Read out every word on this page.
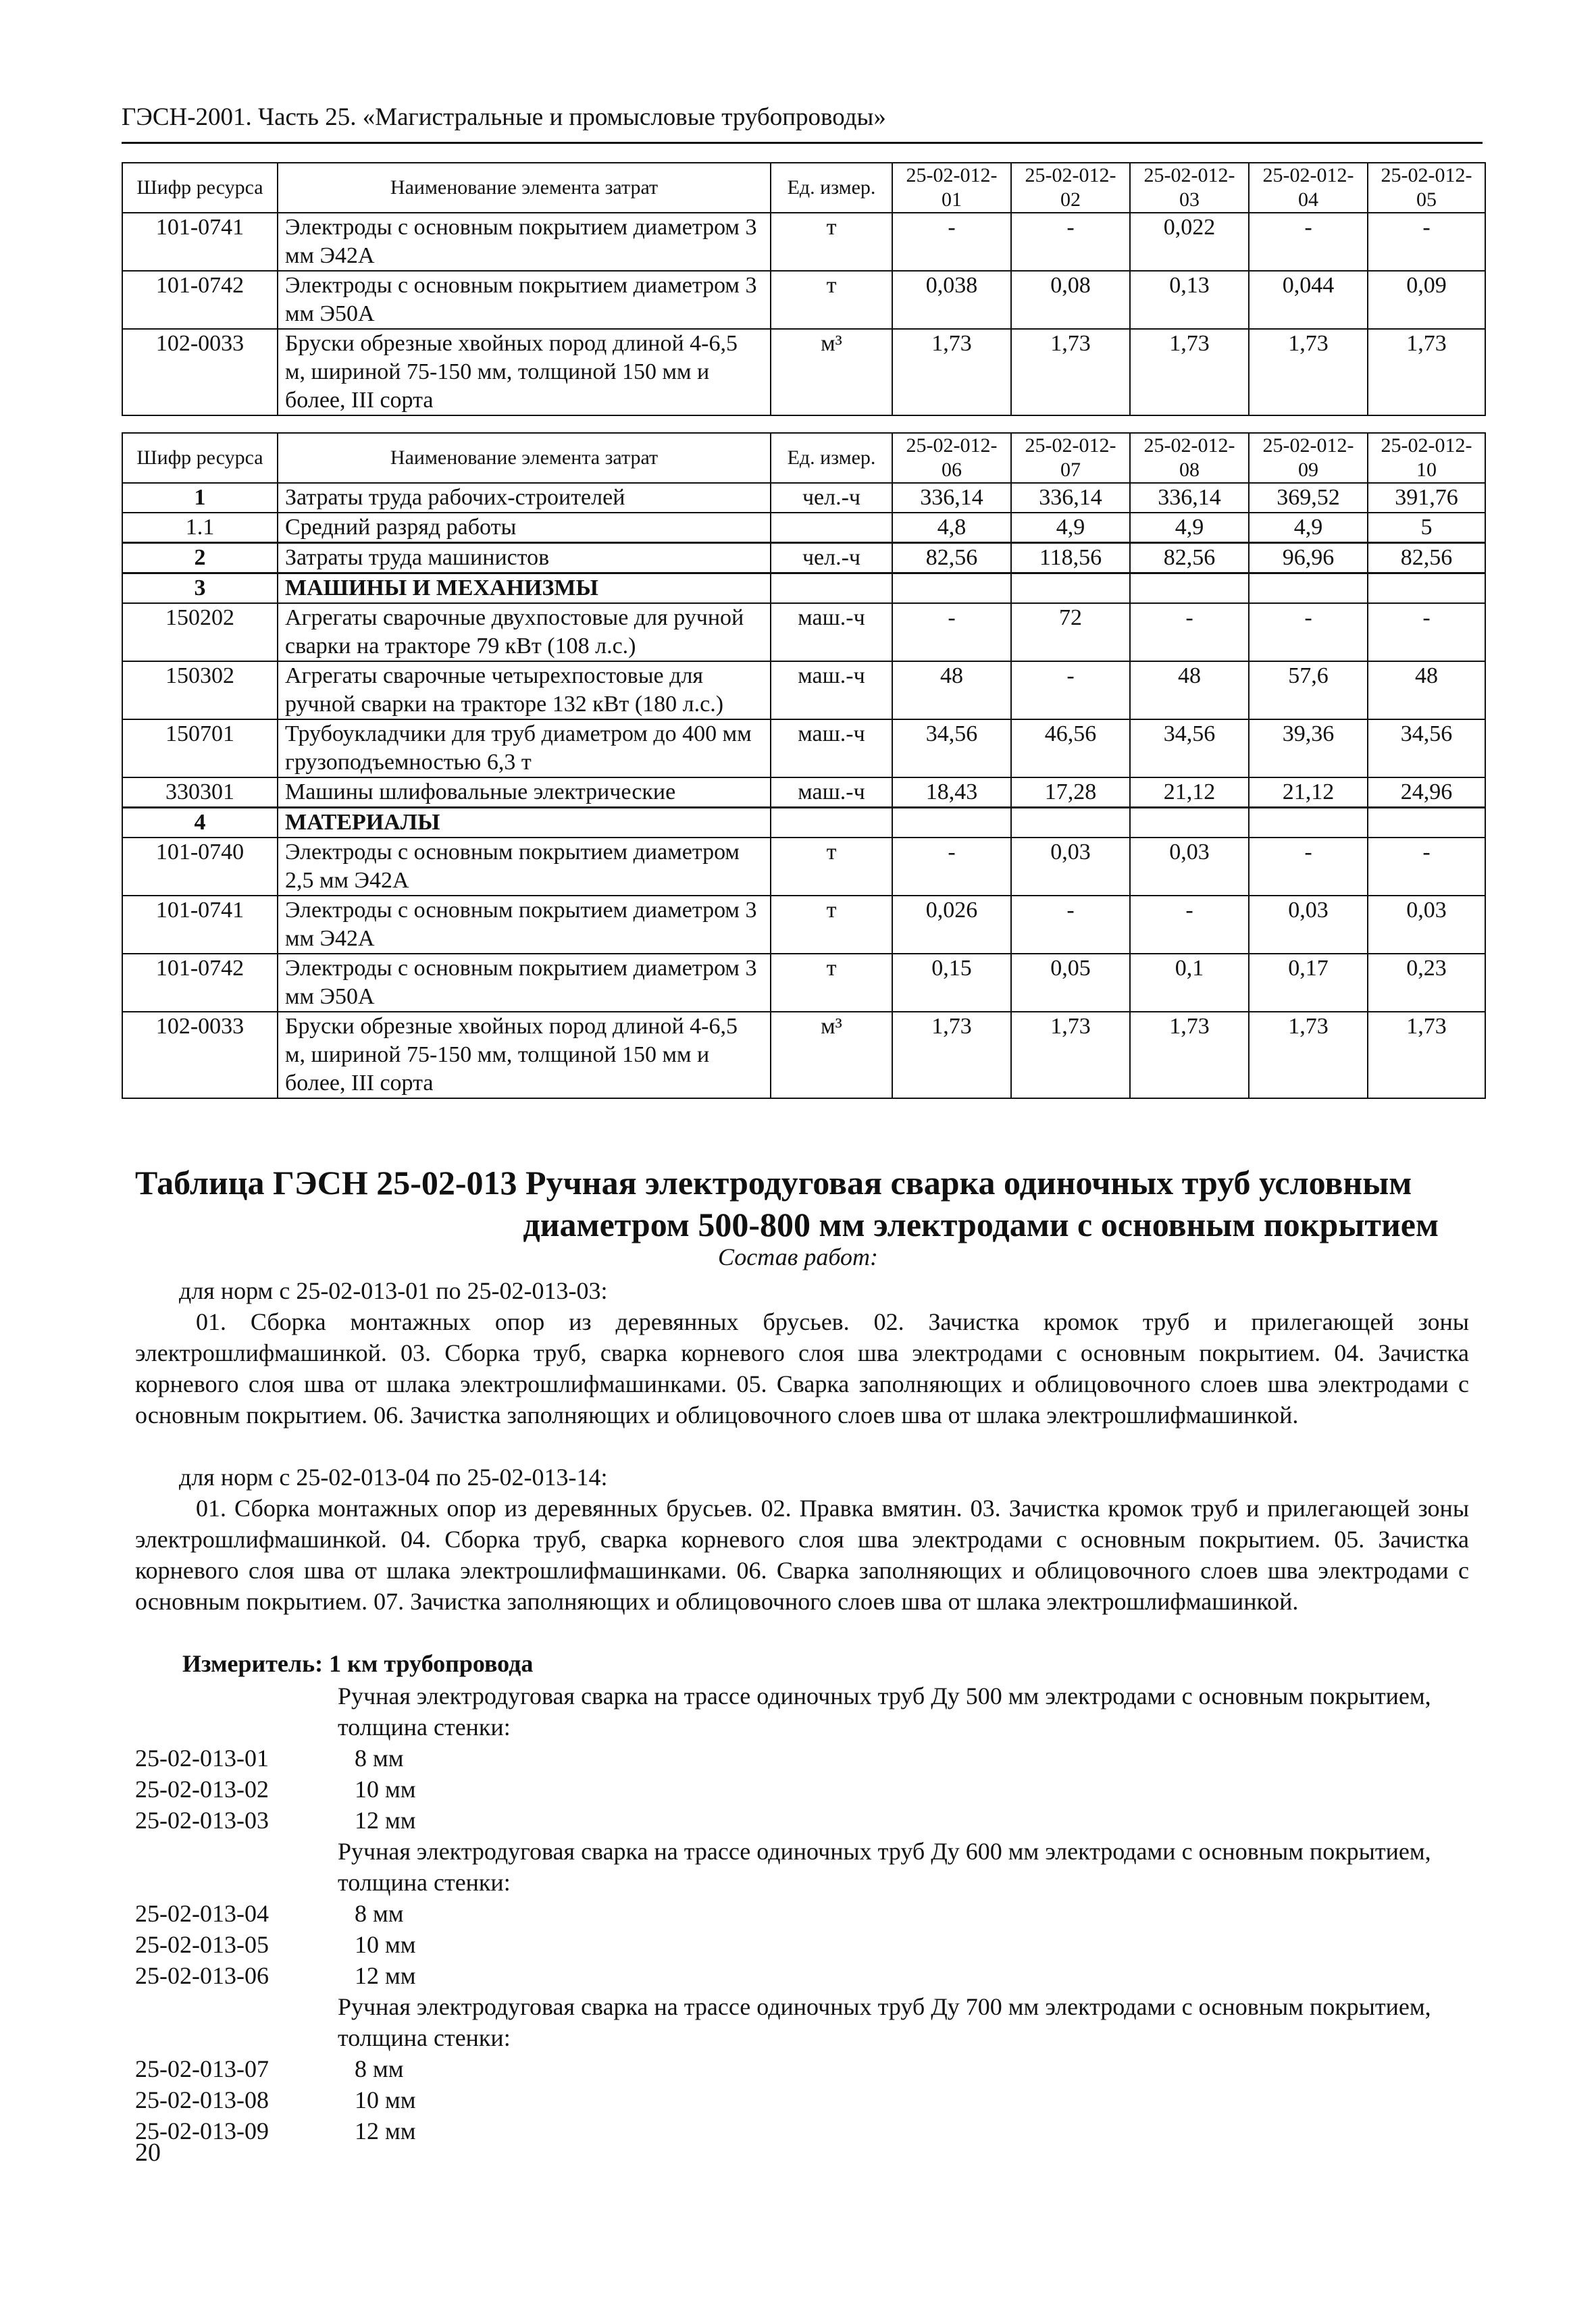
ГЭСН-2001. Часть 25. «Магистральные и промысловые трубопроводы»
Шифр ресурса	Наименование элемента затрат	Ед. измер.	25-02-012-01	25-02-012-02	25-02-012-03	25-02-012-04	25-02-012-05
101-0741	Электроды с основным покрытием диаметром 3 мм Э42А	т	-	-	0,022	-	-
101-0742	Электроды с основным покрытием диаметром 3 мм Э50А	т	0,038	0,08	0,13	0,044	0,09
102-0033	Бруски обрезные хвойных пород длиной 4-6,5 м, шириной 75-150 мм, толщиной 150 мм и более, III сорта	м³	1,73	1,73	1,73	1,73	1,73
Шифр ресурса	Наименование элемента затрат	Ед. измер.	25-02-012-06	25-02-012-07	25-02-012-08	25-02-012-09	25-02-012-10
1	Затраты труда рабочих-строителей	чел.-ч	336,14	336,14	336,14	369,52	391,76
1.1	Средний разряд работы		4,8	4,9	4,9	4,9	5
2	Затраты труда машинистов	чел.-ч	82,56	118,56	82,56	96,96	82,56
3	МАШИНЫ И МЕХАНИЗМЫ						
150202	Агрегаты сварочные двухпостовые для ручной сварки на тракторе 79 кВт (108 л.с.)	маш.-ч	-	72	-	-	-
150302	Агрегаты сварочные четырехпостовые для ручной сварки на тракторе 132 кВт (180 л.с.)	маш.-ч	48	-	48	57,6	48
150701	Трубоукладчики для труб диаметром до 400 мм грузоподъемностью 6,3 т	маш.-ч	34,56	46,56	34,56	39,36	34,56
330301	Машины шлифовальные электрические	маш.-ч	18,43	17,28	21,12	21,12	24,96
4	МАТЕРИАЛЫ						
101-0740	Электроды с основным покрытием диаметром 2,5 мм Э42А	т	-	0,03	0,03	-	-
101-0741	Электроды с основным покрытием диаметром 3 мм Э42А	т	0,026	-	-	0,03	0,03
101-0742	Электроды с основным покрытием диаметром 3 мм Э50А	т	0,15	0,05	0,1	0,17	0,23
102-0033	Бруски обрезные хвойных пород длиной 4-6,5 м, шириной 75-150 мм, толщиной 150 мм и более, III сорта	м³	1,73	1,73	1,73	1,73	1,73
Таблица ГЭСН 25-02-013 Ручная электродуговая сварка одиночных труб условным
диаметром 500-800 мм электродами с основным покрытием
Состав работ:
для норм с 25-02-013-01 по 25-02-013-03:
01. Сборка монтажных опор из деревянных брусьев. 02. Зачистка кромок труб и прилегающей зоны электрошлифмашинкой. 03. Сборка труб, сварка корневого слоя шва электродами с основным покрытием. 04. Зачистка корневого слоя шва от шлака электрошлифмашинками. 05. Сварка заполняющих и облицовочного слоев шва электродами с основным покрытием. 06. Зачистка заполняющих и облицовочного слоев шва от шлака электрошлифмашинкой.
для норм с 25-02-013-04 по 25-02-013-14:
01. Сборка монтажных опор из деревянных брусьев. 02. Правка вмятин. 03. Зачистка кромок труб и прилегающей зоны электрошлифмашинкой. 04. Сборка труб, сварка корневого слоя шва электродами с основным покрытием. 05. Зачистка корневого слоя шва от шлака электрошлифмашинками. 06. Сварка заполняющих и облицовочного слоев шва электродами с основным покрытием. 07. Зачистка заполняющих и облицовочного слоев шва от шлака электрошлифмашинкой.
Измеритель: 1 км трубопровода
Ручная электродуговая сварка на трассе одиночных труб Ду 500 мм электродами с основным покрытием, толщина стенки:
25-02-013-01	8 мм
25-02-013-02	10 мм
25-02-013-03	12 мм
Ручная электродуговая сварка на трассе одиночных труб Ду 600 мм электродами с основным покрытием, толщина стенки:
25-02-013-04	8 мм
25-02-013-05	10 мм
25-02-013-06	12 мм
Ручная электродуговая сварка на трассе одиночных труб Ду 700 мм электродами с основным покрытием, толщина стенки:
25-02-013-07	8 мм
25-02-013-08	10 мм
25-02-013-09	12 мм
20
